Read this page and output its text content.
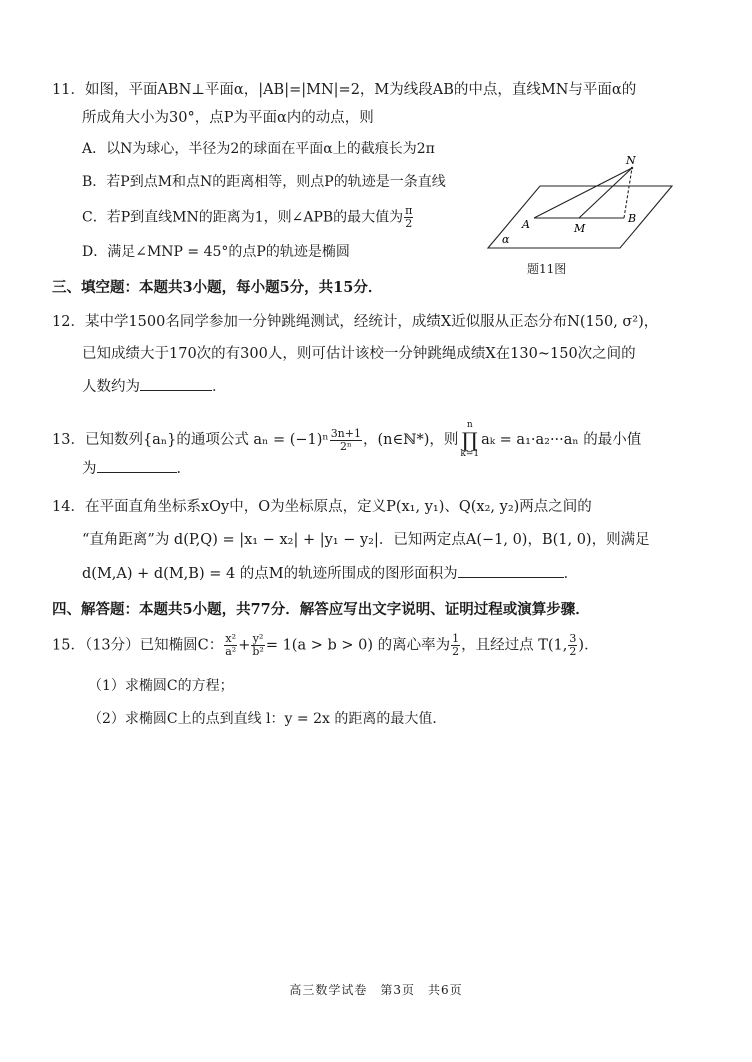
11．如图，平面ABN⊥平面α，|AB|=|MN|=2，M为线段AB的中点，直线MN与平面α的
所成角大小为30°，点P为平面α内的动点，则
A．以N为球心，半径为2的球面在平面α上的截痕长为2π
B．若P到点M和点N的距离相等，则点P的轨迹是一条直线
C．若P到直线MN的距离为1，则∠APB的最大值为 $\frac{\pi}{2}$
D．满足∠MNP = 45°的点P的轨迹是椭圆
N
A	M
B
α
题11图
三、填空题：本题共3小题，每小题5分，共15分．
12．某中学1500名同学参加一分钟跳绳测试，经统计，成绩X近似服从正态分布N(150, σ²)，
已知成绩大于170次的有300人，则可估计该校一分钟跳绳成绩X在130~150次之间的
人数约为	．
13．已知数列{aₙ}的通项公式 $a_n = (-1)^n \frac{3n+1}{\text{2ⁿ}}$ ，(n∈ℕ*)，则n
∏
k=1aₖ = a₁·a₂···aₙ 的最小值
为	．
14．在平面直角坐标系xOy中，O为坐标原点，定义P(x₁, y₁)、Q(x₂, y₂)两点之间的
“直角距离”为 d(P,Q) = |x₁ − x₂| + |y₁ − y₂|．已知两定点A(−1, 0)，B(1, 0)，则满足
d(M,A) + d(M,B) = 4 的点M的轨迹所围成的图形面积为	．
四、解答题：本题共5小题，共77分．解答应写出文字说明、证明过程或演算步骤．
15．（13分）已知椭圆C： $\frac{\text{x²}}{\text{a²}} + \frac{\text{y²}}{\text{b²}} = 1(a > b > 0)$ 的离心率为 $\frac{1}{2}$ ，且经过点 T(1, $\frac{3}{2}$ )．
（1）求椭圆C的方程；
（2）求椭圆C上的点到直线 l：y = 2x 的距离的最大值．
高三数学试卷　第3页　共6页
